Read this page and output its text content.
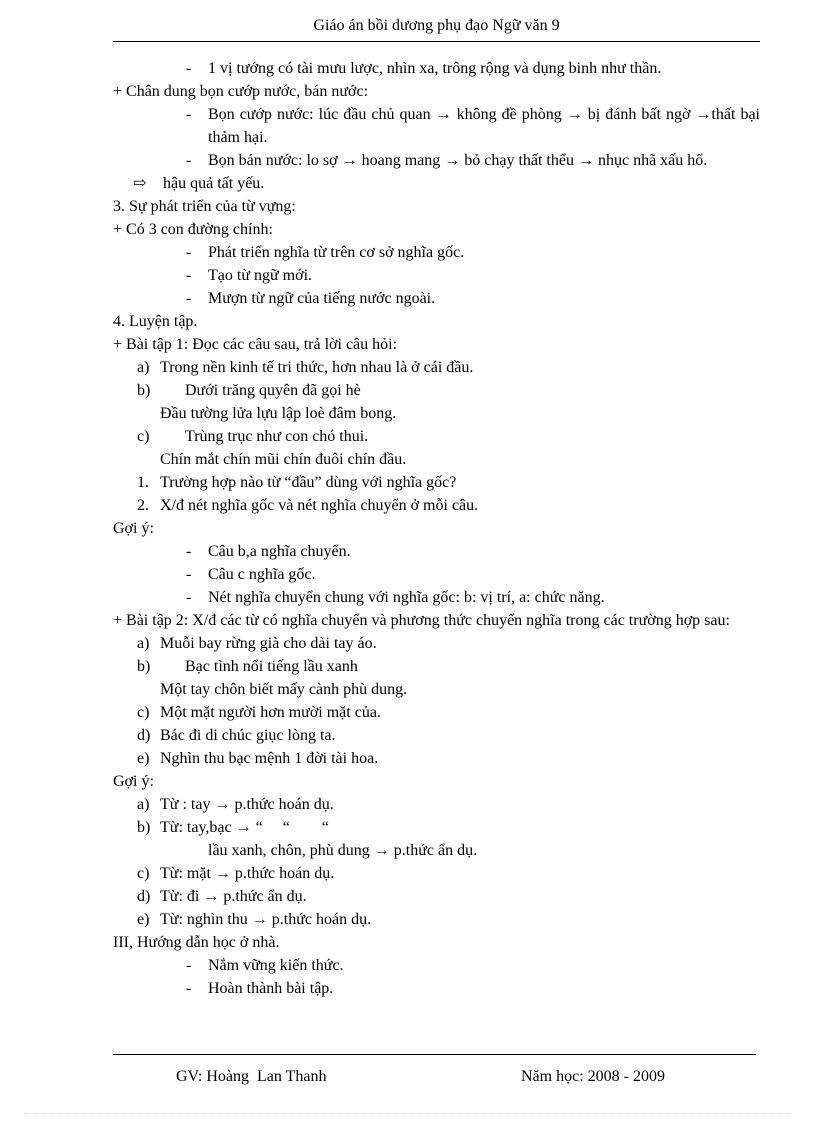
Giáo án bồi dương phụ đạo Ngữ văn 9
- 1 vị tướng có tài mưu lược, nhìn xa, trông rộng và dụng binh như thần.
+ Chân dung bọn cướp nước, bán nước:
- Bọn cướp nước: lúc đầu chủ quan → không đề phòng → bị đánh bất ngờ →thất bại thảm hại.
- Bọn bán nước: lo sợ → hoang mang → bỏ chạy thất thểu → nhục nhã xấu hổ.
⇨ hậu quả tất yếu.
3. Sự phát triển của từ vựng:
+ Có 3 con đường chính:
- Phát triển nghĩa từ trên cơ sở nghĩa gốc.
- Tạo từ ngữ mới.
- Mượn từ ngữ của tiếng nước ngoài.
4. Luyện tập.
+ Bài tập 1: Đọc các câu sau, trả lời câu hỏi:
a) Trong nền kinh tế tri thức, hơn nhau là ở cái đầu.
b) Dưới trăng quyên đã gọi hè
Đầu tường lửa lựu lập loè đâm bong.
c) Trùng trục như con chó thui.
Chín mắt chín mũi chín đuôi chín đầu.
1. Trường hợp nào từ “đầu” dùng với nghĩa gốc?
2. X/đ nét nghĩa gốc và nét nghĩa chuyển ở mỗi câu.
Gợi ý:
- Câu b,a nghĩa chuyển.
- Câu c nghĩa gốc.
- Nét nghĩa chuyển chung với nghĩa gốc: b: vị trí, a: chức năng.
+ Bài tập 2: X/đ các từ có nghĩa chuyển và phương thức chuyển nghĩa trong các trường hợp sau:
a) Muỗi bay rừng già cho dài tay áo.
b) Bạc tình nổi tiếng lầu xanh
Một tay chôn biết mấy cành phù dung.
c) Một mặt người hơn mười mặt của.
d) Bác đi di chúc giục lòng ta.
e) Nghìn thu bạc mệnh 1 đời tài hoa.
Gợi ý:
a) Từ : tay → p.thức hoán dụ.
b) Từ: tay,bạc → “     “        “
lầu xanh, chôn, phù dung → p.thức ẩn dụ.
c) Từ: mặt → p.thức hoán dụ.
d) Từ: đi → p.thức ẩn dụ.
e) Từ: nghìn thu → p.thức hoán dụ.
III, Hướng dẫn học ở nhà.
- Nắm vững kiến thức.
- Hoàn thành bài tập.
GV: Hoàng  Lan Thanh	Năm học: 2008 - 2009
